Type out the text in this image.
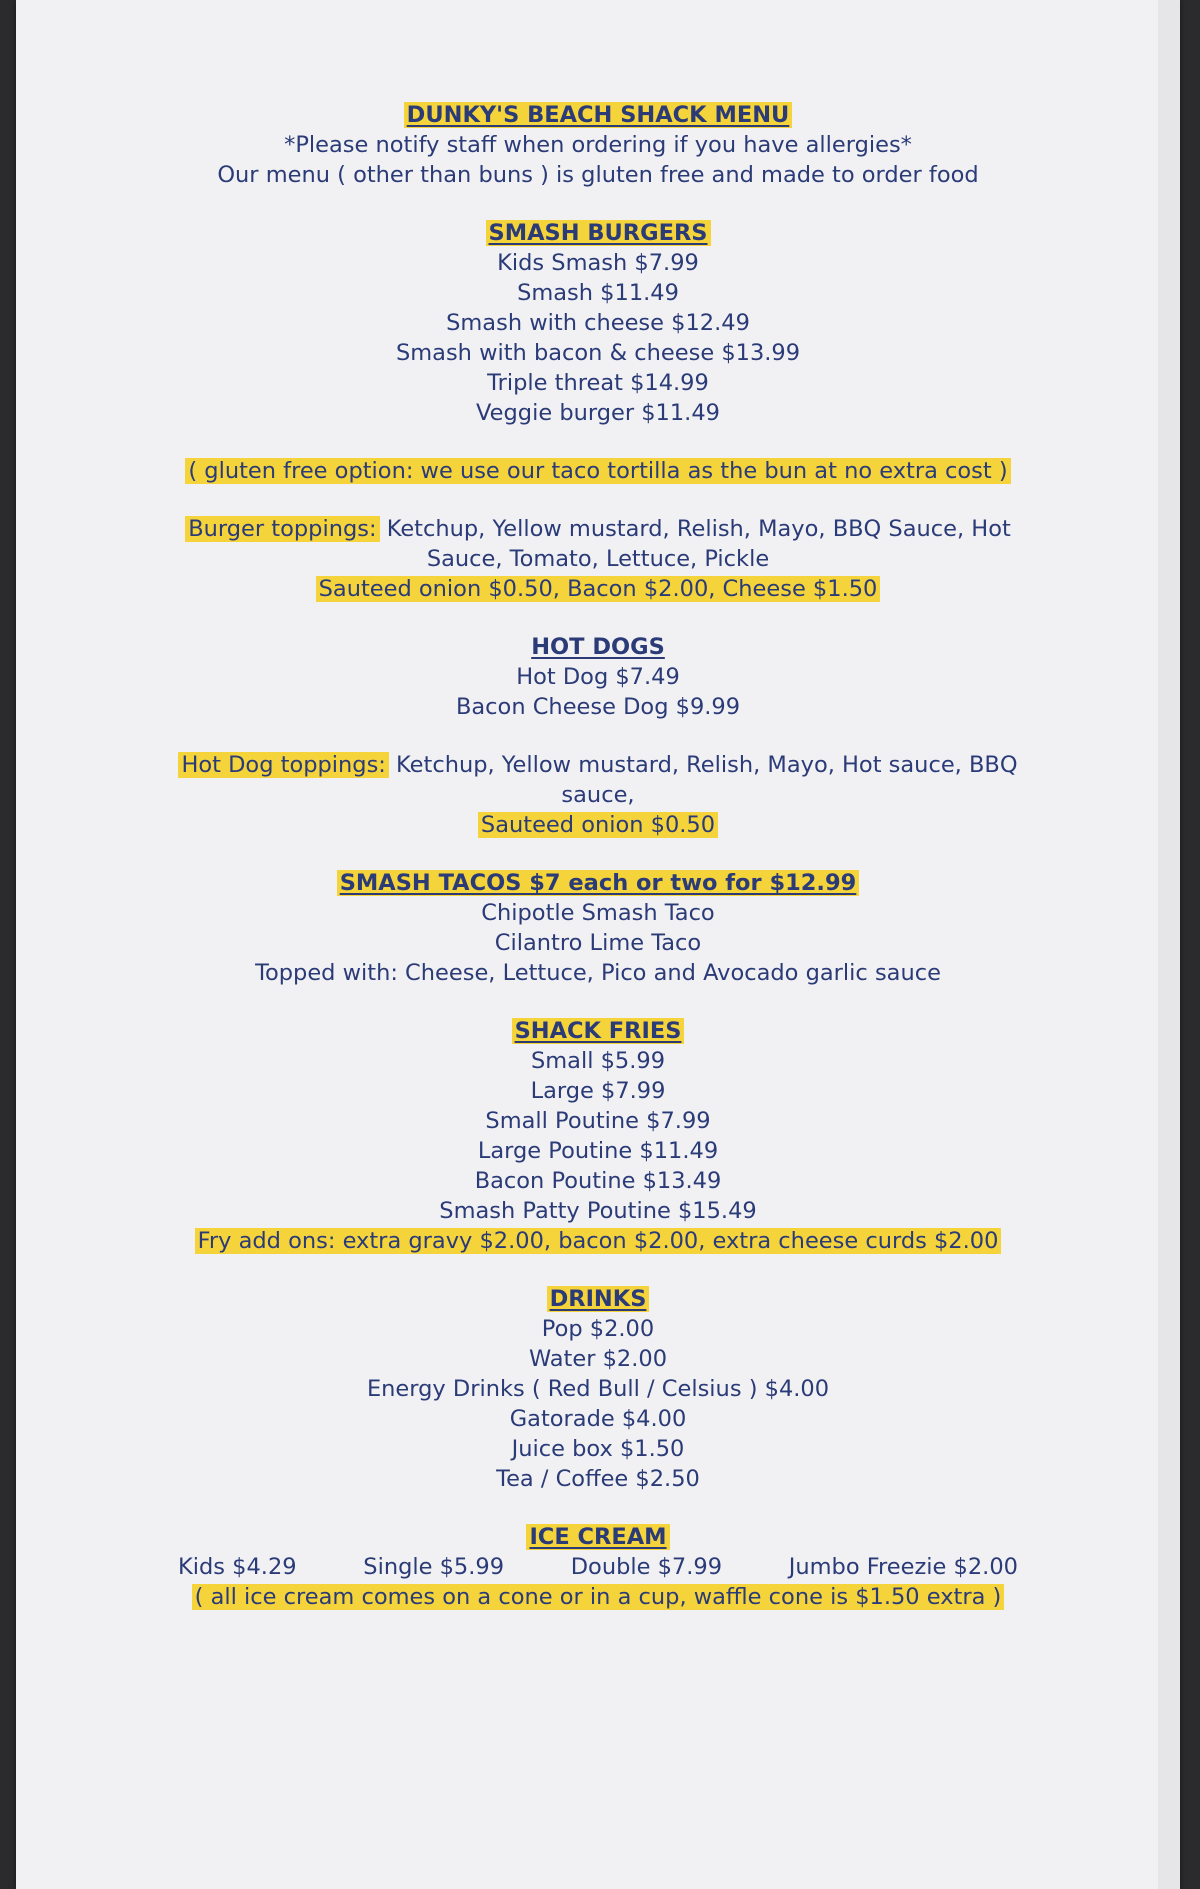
DUNKY'S BEACH SHACK MENU

*Please notify staff when ordering if you have allergies*

Our menu ( other than buns ) is gluten free and made to order food

SMASH BURGERS

Kids Smash $7.99

Smash $11.49

Smash with cheese $12.49

Smash with bacon & cheese $13.99

Triple threat $14.99

Veggie burger $11.49

( gluten free option: we use our taco tortilla as the bun at no extra cost )

Burger toppings: Ketchup, Yellow mustard, Relish, Mayo, BBQ Sauce, Hot

Sauce, Tomato, Lettuce, Pickle

Sauteed onion $0.50, Bacon $2.00, Cheese $1.50

HOT DOGS

Hot Dog $7.49

Bacon Cheese Dog $9.99

Hot Dog toppings: Ketchup, Yellow mustard, Relish, Mayo, Hot sauce, BBQ

sauce,

Sauteed onion $0.50

SMASH TACOS $7 each or two for $12.99

Chipotle Smash Taco

Cilantro Lime Taco

Topped with: Cheese, Lettuce, Pico and Avocado garlic sauce

SHACK FRIES

Small $5.99

Large $7.99

Small Poutine $7.99

Large Poutine $11.49

Bacon Poutine $13.49

Smash Patty Poutine $15.49

Fry add ons: extra gravy $2.00, bacon $2.00, extra cheese curds $2.00

DRINKS

Pop $2.00

Water $2.00

Energy Drinks ( Red Bull / Celsius ) $4.00

Gatorade $4.00

Juice box $1.50

Tea / Coffee $2.50

ICE CREAM

Kids $4.29	Single $5.99	Double $7.99	Jumbo Freezie $2.00

( all ice cream comes on a cone or in a cup, waffle cone is $1.50 extra )
